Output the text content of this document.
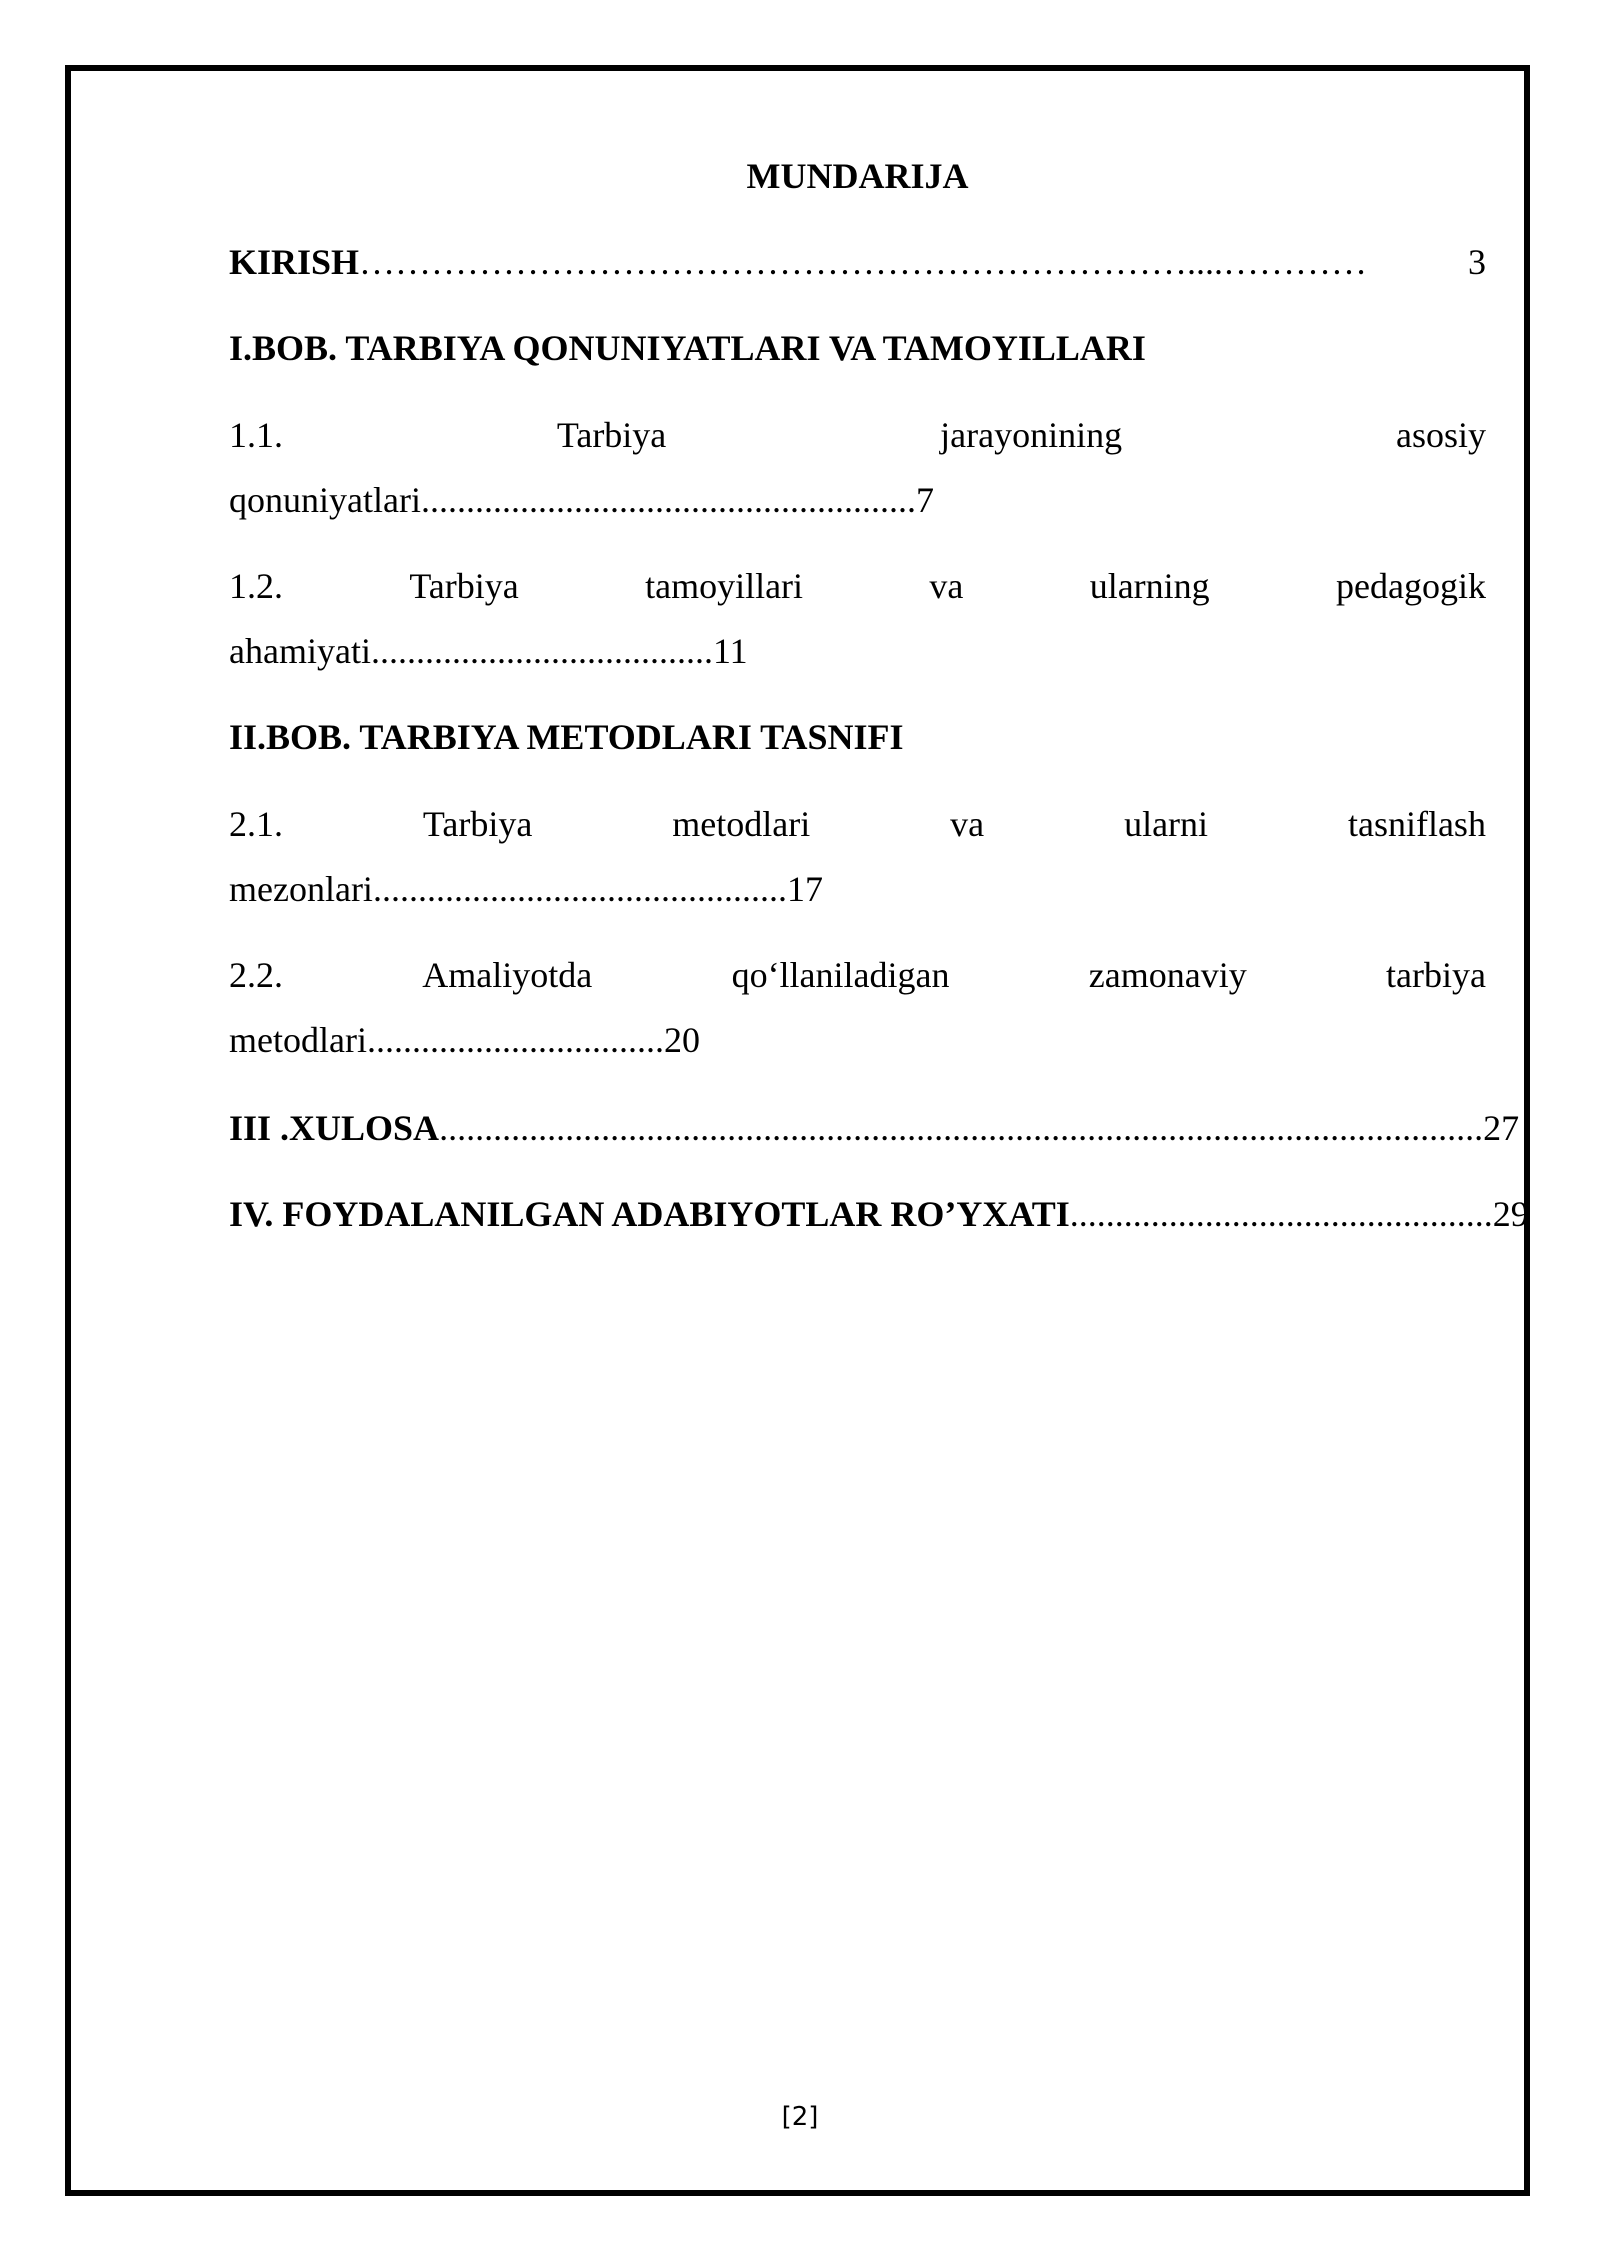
MUNDARIJA
KIRISH ……………………………………………………………....…………	3
I.BOB. TARBIYA QONUNIYATLARI VA TAMOYILLARI
1.1.	Tarbiya	jarayonining	asosiy
qonuniyatlari.......................................................7
1.2.	Tarbiya	tamoyillari	va	ularning	pedagogik
ahamiyati......................................11
II.BOB. TARBIYA METODLARI TASNIFI
2.1.	Tarbiya	metodlari	va	ularni	tasniflash
mezonlari..............................................17
2.2.	Amaliyotda	qo‘llaniladigan	zamonaviy	tarbiya
metodlari.................................20
III .XULOSA .................................................................................................................... 27
IV. FOYDALANILGAN ADABIYOTLAR RO’YXATI ............................................... 29
[2]
